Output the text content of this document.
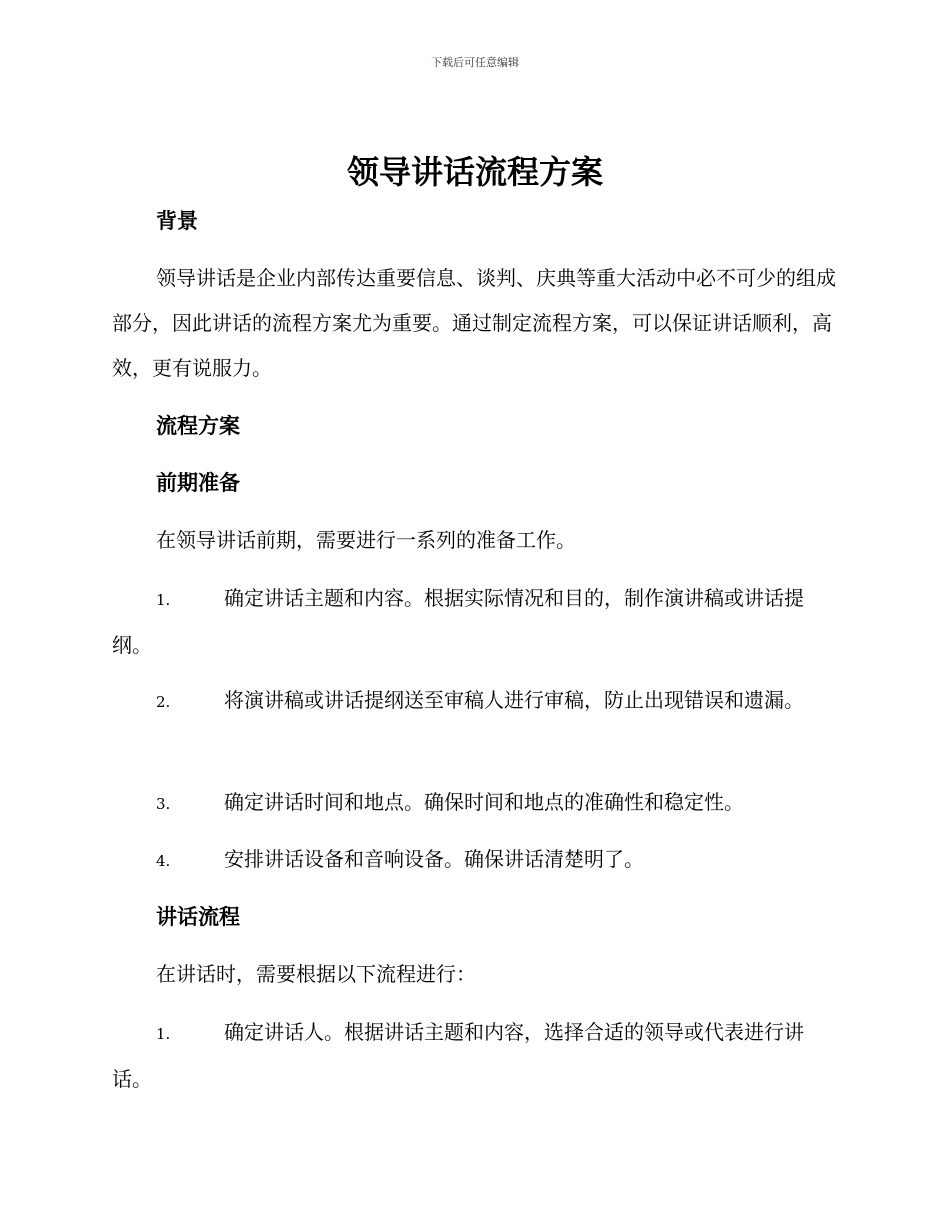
下载后可任意编辑
领导讲话流程方案
背景

领导讲话是企业内部传达重要信息、谈判、庆典等重大活动中必不可少的组成部分，因此讲话的流程方案尤为重要。通过制定流程方案，可以保证讲话顺利，高效，更有说服力。

流程方案
前期准备

在领导讲话前期，需要进行一系列的准备工作。

1.	确定讲话主题和内容。根据实际情况和目的，制作演讲稿或讲话提纲。

2.	将演讲稿或讲话提纲送至审稿人进行审稿，防止出现错误和遗漏。

3.	确定讲话时间和地点。确保时间和地点的准确性和稳定性。

4.	安排讲话设备和音响设备。确保讲话清楚明了。

讲话流程

在讲话时，需要根据以下流程进行：

1.	确定讲话人。根据讲话主题和内容，选择合适的领导或代表进行讲话。
